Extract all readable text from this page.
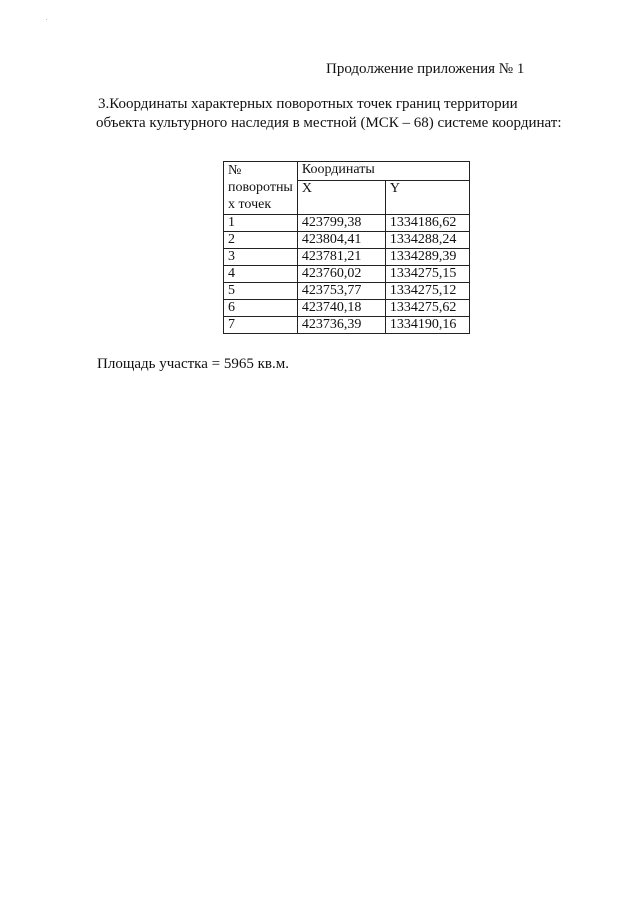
Продолжение приложения № 1
3.Координаты характерных поворотных точек границ территории
объекта культурного наследия в местной (МСК – 68) системе координат:
№
поворотны
х точек	Координаты	
	X	Y
1	423799,38	1334186,62
2	423804,41	1334288,24
3	423781,21	1334289,39
4	423760,02	1334275,15
5	423753,77	1334275,12
6	423740,18	1334275,62
7	423736,39	1334190,16
Площадь участка = 5965 кв.м.
